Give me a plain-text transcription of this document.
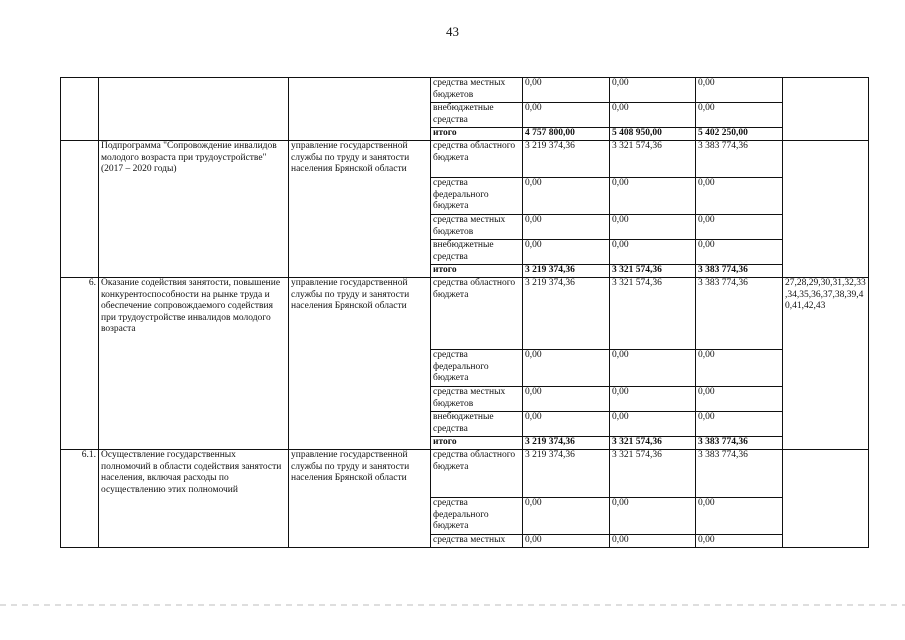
43
			средства местных бюджетов	0,00	0,00	0,00	
			внебюджетные средства	0,00	0,00	0,00	
			итого	4 757 800,00	5 408 950,00	5 402 250,00	
	Подпрограмма "Сопровождение инвалидов молодого возраста при трудоустройстве" (2017 – 2020 годы)	управление государственной службы по труду и занятости населения Брянской области	средства областного бюджета	3 219 374,36	3 321 574,36	3 383 774,36	
			средства федерального бюджета	0,00	0,00	0,00	
			средства местных бюджетов	0,00	0,00	0,00	
			внебюджетные средства	0,00	0,00	0,00	
			итого	3 219 374,36	3 321 574,36	3 383 774,36	
6.	Оказание содействия занятости, повышение конкурентоспособности на рынке труда и обеспечение сопровождаемого содействия при трудоустройстве инвалидов молодого возраста	управление государственной службы по труду и занятости населения Брянской области	средства областного бюджета	3 219 374,36	3 321 574,36	3 383 774,36	27,28,29,30,31,32,33,34,35,36,37,38,39,40,41,42,43
			средства федерального бюджета	0,00	0,00	0,00	
			средства местных бюджетов	0,00	0,00	0,00	
			внебюджетные средства	0,00	0,00	0,00	
			итого	3 219 374,36	3 321 574,36	3 383 774,36	
6.1.	Осуществление государственных полномочий в области содействия занятости населения, включая расходы по осуществлению этих полномочий	управление государственной службы по труду и занятости населения Брянской области	средства областного бюджета	3 219 374,36	3 321 574,36	3 383 774,36	
			средства федерального бюджета	0,00	0,00	0,00	
			средства местных	0,00	0,00	0,00	
